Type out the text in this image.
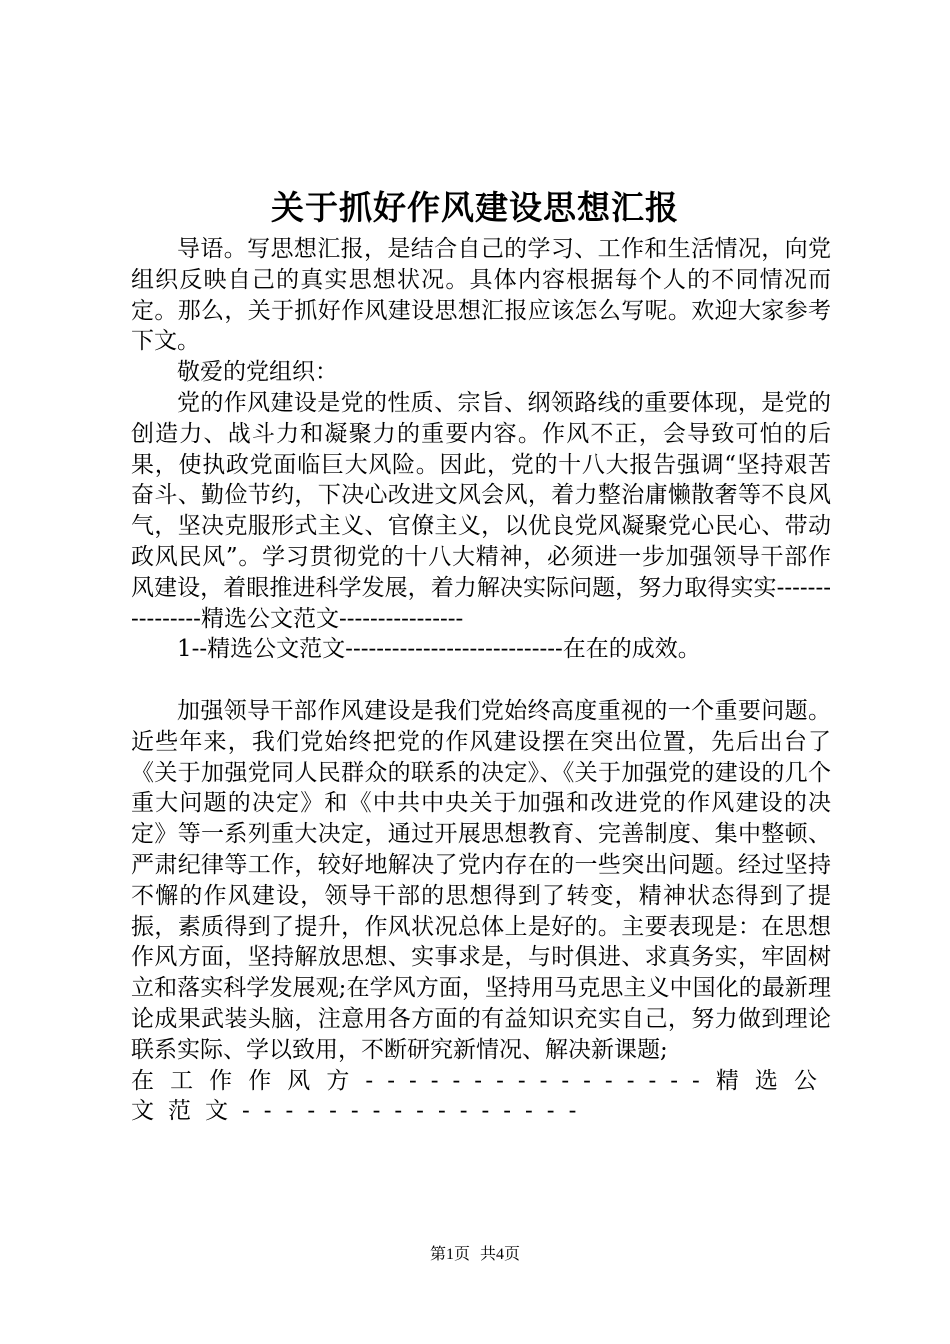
关于抓好作风建设思想汇报

导语。写思想汇报，是结合自己的学习、工作和生活情况，向党组织反映自己的真实思想状况。具体内容根据每个人的不同情况而定。那么，关于抓好作风建设思想汇报应该怎么写呢。欢迎大家参考下文。

敬爱的党组织：

党的作风建设是党的性质、宗旨、纲领路线的重要体现，是党的创造力、战斗力和凝聚力的重要内容。作风不正，会导致可怕的后果，使执政党面临巨大风险。因此，党的十八大报告强调“坚持艰苦奋斗、勤俭节约，下决心改进文风会风，着力整治庸懒散奢等不良风气，坚决克服形式主义、官僚主义，以优良党风凝聚党心民心、带动政风民风”。学习贯彻党的十八大精神，必须进一步加强领导干部作风建设，着眼推进科学发展，着力解决实际问题，努力取得实实----------------精选公文范文----------------

1--精选公文范文----------------------------在在的成效。

加强领导干部作风建设是我们党始终高度重视的一个重要问题。近些年来，我们党始终把党的作风建设摆在突出位置，先后出台了《关于加强党同人民群众的联系的决定》、《关于加强党的建设的几个重大问题的决定》和《中共中央关于加强和改进党的作风建设的决定》等一系列重大决定，通过开展思想教育、完善制度、集中整顿、严肃纪律等工作，较好地解决了党内存在的一些突出问题。经过坚持不懈的作风建设，领导干部的思想得到了转变，精神状态得到了提振，素质得到了提升，作风状况总体上是好的。主要表现是：在思想作风方面，坚持解放思想、实事求是，与时俱进、求真务实，牢固树立和落实科学发展观;在学风方面，坚持用马克思主义中国化的最新理论成果武装头脑，注意用各方面的有益知识充实自己，努力做到理论联系实际、学以致用，不断研究新情况、解决新课题;

在工作作风方----------------精选公文范文----------------

第1页 共4页
